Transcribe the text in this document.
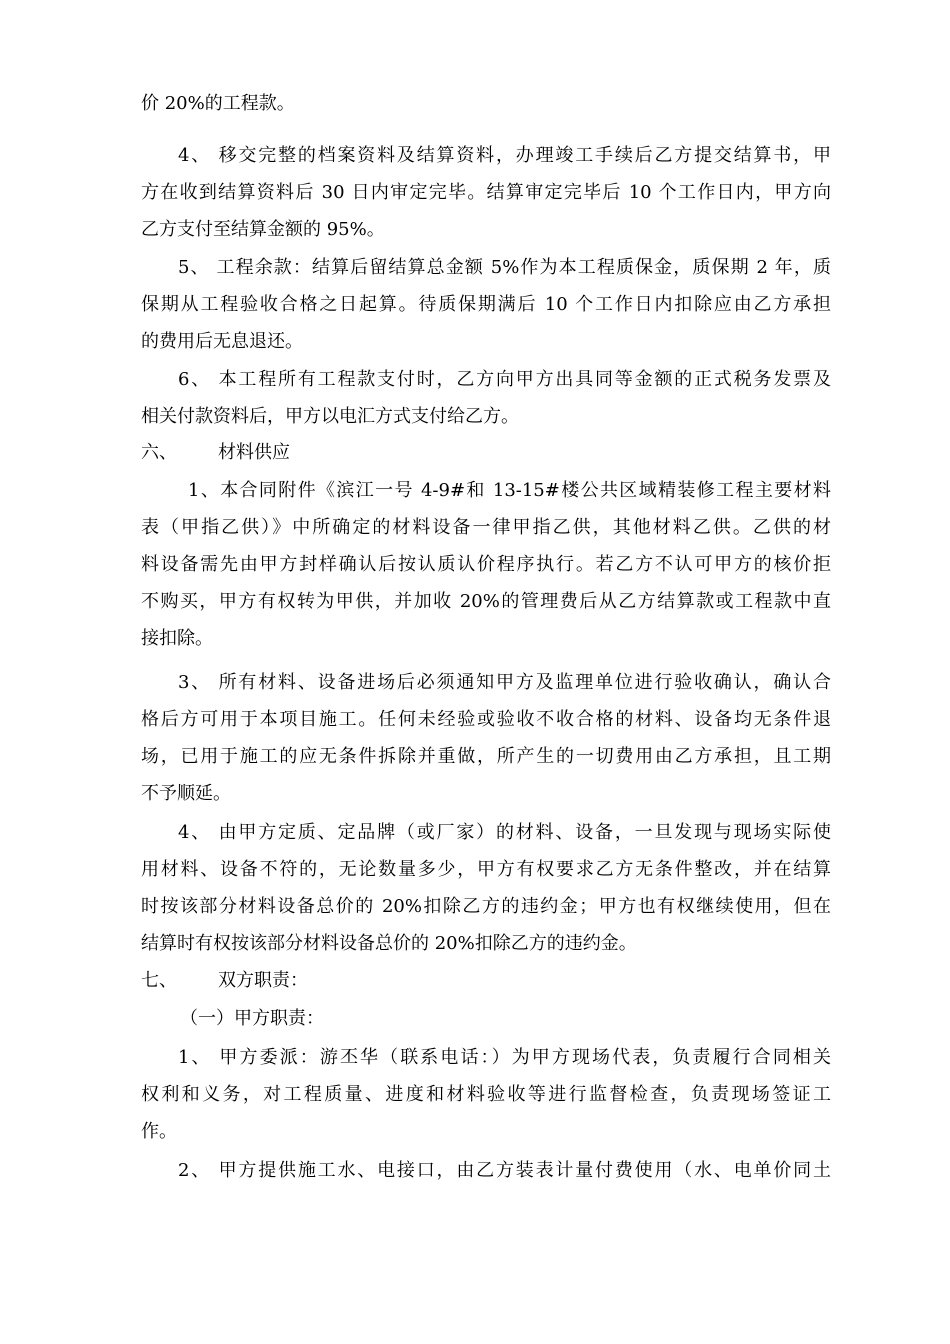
价 20%的工程款。
4、 移交完整的档案资料及结算资料，办理竣工手续后乙方提交结算书，甲
方在收到结算资料后 30 日内审定完毕。结算审定完毕后 10 个工作日内，甲方向
乙方支付至结算金额的 95%。
5、 工程余款：结算后留结算总金额 5%作为本工程质保金，质保期 2 年，质
保期从工程验收合格之日起算。待质保期满后 10 个工作日内扣除应由乙方承担
的费用后无息退还。
6、 本工程所有工程款支付时，乙方向甲方出具同等金额的正式税务发票及
相关付款资料后，甲方以电汇方式支付给乙方。
六、 材料供应
1、本合同附件《滨江一号 4-9#和 13-15#楼公共区域精装修工程主要材料
表（甲指乙供）》中所确定的材料设备一律甲指乙供，其他材料乙供。乙供的材
料设备需先由甲方封样确认后按认质认价程序执行。若乙方不认可甲方的核价拒
不购买，甲方有权转为甲供，并加收 20%的管理费后从乙方结算款或工程款中直
接扣除。
3、 所有材料、设备进场后必须通知甲方及监理单位进行验收确认，确认合
格后方可用于本项目施工。任何未经验或验收不收合格的材料、设备均无条件退
场，已用于施工的应无条件拆除并重做，所产生的一切费用由乙方承担，且工期
不予顺延。
4、 由甲方定质、定品牌（或厂家）的材料、设备，一旦发现与现场实际使
用材料、设备不符的，无论数量多少，甲方有权要求乙方无条件整改，并在结算
时按该部分材料设备总价的 20%扣除乙方的违约金；甲方也有权继续使用，但在
结算时有权按该部分材料设备总价的 20%扣除乙方的违约金。
七、 双方职责：
（一）甲方职责：
1、 甲方委派：游丕华（联系电话：）为甲方现场代表，负责履行合同相关
权利和义务，对工程质量、进度和材料验收等进行监督检查，负责现场签证工
作。
2、 甲方提供施工水、电接口，由乙方装表计量付费使用（水、电单价同土
